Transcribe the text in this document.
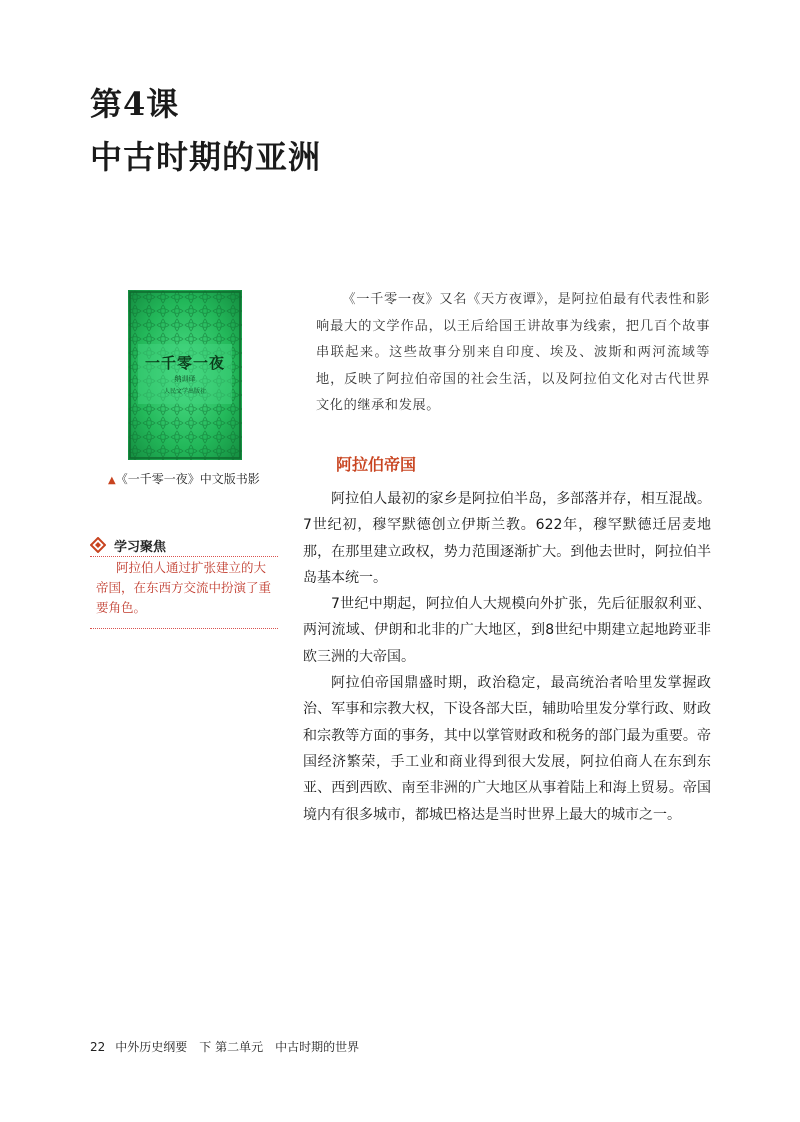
第4课
中古时期的亚洲
一千零一夜
纳训译
人民文学出版社
▲《一千零一夜》中文版书影
学习聚焦
阿拉伯人通过扩张建立的大帝国，在东西方交流中扮演了重要角色。
《一千零一夜》又名《天方夜谭》，是阿拉伯最有代表性和影响最大的文学作品，以王后给国王讲故事为线索，把几百个故事串联起来。这些故事分别来自印度、埃及、波斯和两河流域等地，反映了阿拉伯帝国的社会生活，以及阿拉伯文化对古代世界文化的继承和发展。
阿拉伯帝国

阿拉伯人最初的家乡是阿拉伯半岛，多部落并存，相互混战。7世纪初，穆罕默德创立伊斯兰教。622年，穆罕默德迁居麦地那，在那里建立政权，势力范围逐渐扩大。到他去世时，阿拉伯半岛基本统一。

7世纪中期起，阿拉伯人大规模向外扩张，先后征服叙利亚、两河流域、伊朗和北非的广大地区，到8世纪中期建立起地跨亚非欧三洲的大帝国。

阿拉伯帝国鼎盛时期，政治稳定，最高统治者哈里发掌握政治、军事和宗教大权，下设各部大臣，辅助哈里发分掌行政、财政和宗教等方面的事务，其中以掌管财政和税务的部门最为重要。帝国经济繁荣，手工业和商业得到很大发展，阿拉伯商人在东到东亚、西到西欧、南至非洲的广大地区从事着陆上和海上贸易。帝国境内有很多城市，都城巴格达是当时世界上最大的城市之一。

22 中外历史纲要　下 第二单元　中古时期的世界
